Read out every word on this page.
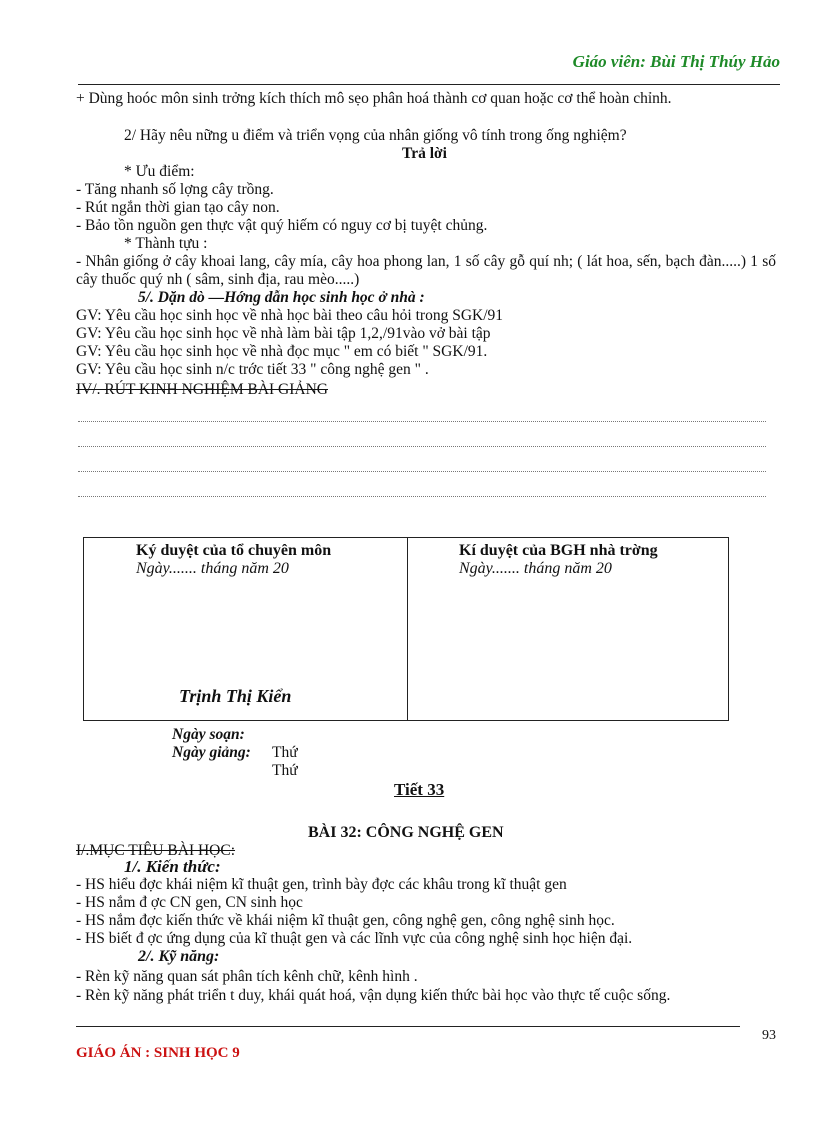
Giáo viên: Bùi Thị Thúy Hảo
+ Dùng hoóc môn sinh trởng kích thích mô sẹo phân hoá thành cơ quan hoặc cơ thể hoàn chỉnh.
2/ Hãy nêu nững u điểm và triển vọng của nhân giống vô tính trong ống nghiệm?
Trả lời
* Ưu điểm:
- Tăng nhanh số lợng cây trồng.
- Rút ngắn thời gian tạo cây non.
- Bảo tồn nguồn gen thực vật quý hiếm có nguy cơ bị tuyệt chủng.
* Thành tựu :
- Nhân giống ở cây khoai lang, cây mía, cây hoa phong lan, 1 số cây gỗ quí nh; ( lát hoa, sến, bạch đàn.....) 1 số cây thuốc quý nh ( sâm, sinh địa, rau mèo.....)
5/. Dặn dò —Hớng dẫn học sinh học ở nhà :
GV: Yêu cầu học sinh học về nhà học bài theo câu hỏi trong SGK/91
GV: Yêu cầu học sinh học về nhà làm bài tập 1,2,/91vào vở bài tập
GV: Yêu cầu học sinh học về nhà đọc mục " em có biết " SGK/91.
GV: Yêu cầu học sinh n/c trớc tiết 33 " công nghệ gen " .
IV/. RÚT KINH NGHIỆM BÀI GIẢNG
Ký duyệt của tổ chuyên môn
Ngày....... tháng năm 20
Trịnh Thị Kiển
Kí duyệt của BGH nhà trờng
Ngày....... tháng năm 20
Ngày soạn:
Ngày giảng: Thứ
Thứ
Tiết 33
BÀI 32: CÔNG NGHỆ GEN
I/.MỤC TIÊU BÀI HỌC:
1/. Kiến thức:
- HS hiểu đợc khái niệm kĩ thuật gen, trình bày đợc các khâu trong kĩ thuật gen
- HS nắm đ ợc CN gen, CN sinh học
- HS nắm đợc kiến thức về khái niệm kĩ thuật gen, công nghệ gen, công nghệ sinh học.
- HS biết đ ợc ứng dụng của kĩ thuật gen và các lĩnh vực của công nghệ sinh học hiện đại.
2/. Kỹ năng:
- Rèn kỹ năng quan sát phân tích kênh chữ, kênh hình .
- Rèn kỹ năng phát triển t duy, khái quát hoá, vận dụng kiến thức bài học vào thực tế cuộc sống.
93
GIÁO ÁN : SINH HỌC 9
